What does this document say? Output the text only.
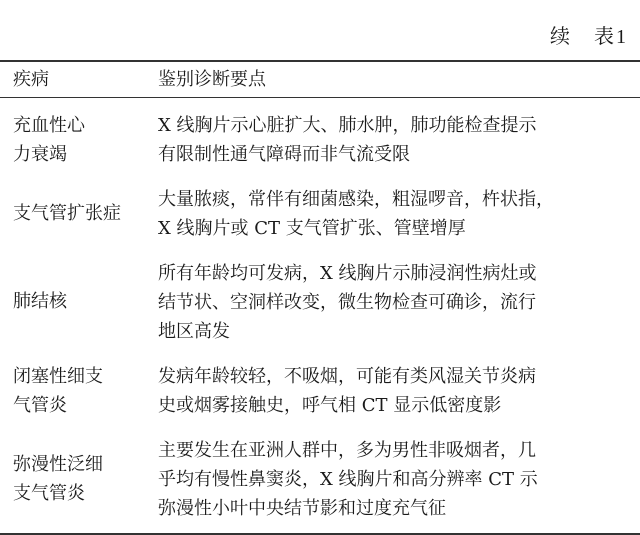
续　表1
疾病	鉴别诊断要点
充血性心
力衰竭
X 线胸片示心脏扩大、肺水肿，肺功能检查提示
有限制性通气障碍而非气流受限
支气管扩张症
大量脓痰，常伴有细菌感染，粗湿啰音，杵状指，
X 线胸片或 CT 支气管扩张、管壁增厚
肺结核
所有年龄均可发病，X 线胸片示肺浸润性病灶或
结节状、空洞样改变，微生物检查可确诊，流行
地区高发
闭塞性细支
气管炎
发病年龄较轻，不吸烟，可能有类风湿关节炎病
史或烟雾接触史，呼气相 CT 显示低密度影
弥漫性泛细
支气管炎
主要发生在亚洲人群中，多为男性非吸烟者，几
乎均有慢性鼻窦炎，X 线胸片和高分辨率 CT 示
弥漫性小叶中央结节影和过度充气征
